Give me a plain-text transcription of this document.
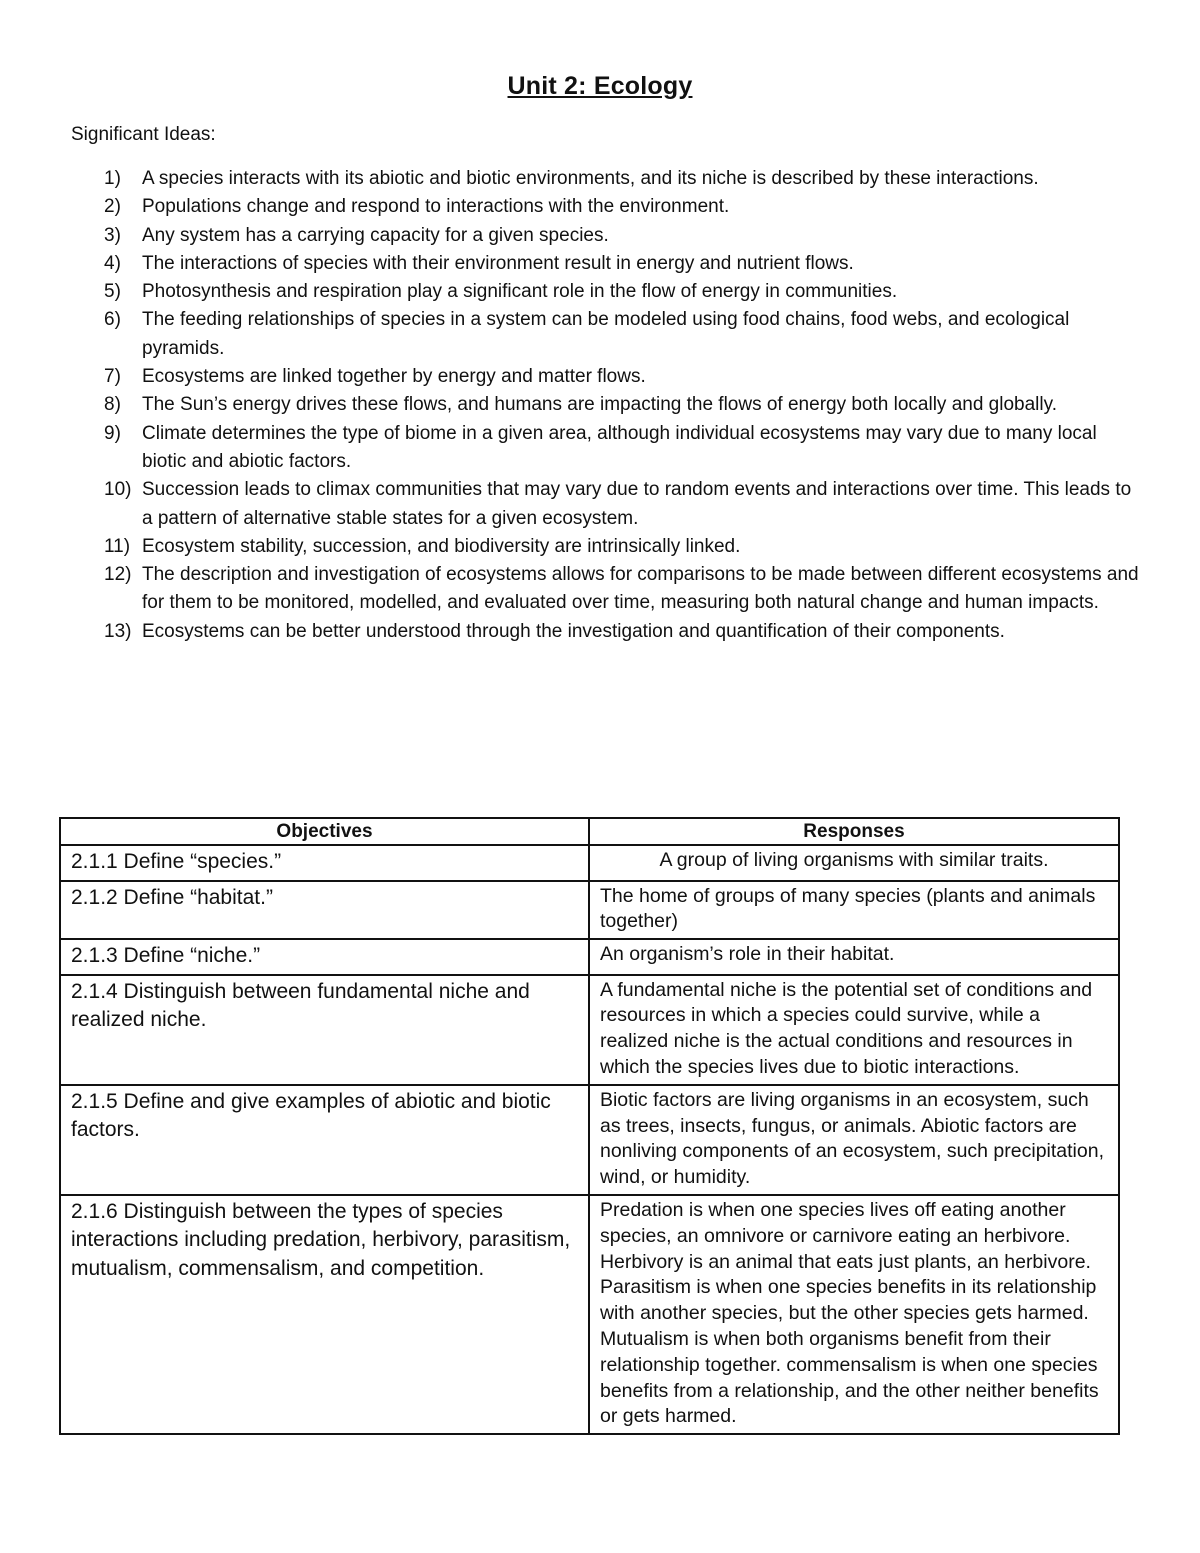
Unit 2: Ecology
Significant Ideas:
1)	A species interacts with its abiotic and biotic environments, and its niche is described by these interactions.
2)	Populations change and respond to interactions with the environment.
3)	Any system has a carrying capacity for a given species.
4)	The interactions of species with their environment result in energy and nutrient flows.
5)	Photosynthesis and respiration play a significant role in the flow of energy in communities.
6)	The feeding relationships of species in a system can be modeled using food chains, food webs, and ecological pyramids.
7)	Ecosystems are linked together by energy and matter flows.
8)	The Sun’s energy drives these flows, and humans are impacting the flows of energy both locally and globally.
9)	Climate determines the type of biome in a given area, although individual ecosystems may vary due to many local biotic and abiotic factors.
10) Succession leads to climax communities that may vary due to random events and interactions over time. This leads to a pattern of alternative stable states for a given ecosystem.
11) Ecosystem stability, succession, and biodiversity are intrinsically linked.
12) The description and investigation of ecosystems allows for comparisons to be made between different ecosystems and for them to be monitored, modelled, and evaluated over time, measuring both natural change and human impacts.
13) Ecosystems can be better understood through the investigation and quantification of their components.
Objectives	Responses
2.1.1 Define “species.”	A group of living organisms with similar traits.
2.1.2 Define “habitat.”	The home of groups of many species (plants and animals together)
2.1.3 Define “niche.”	An organism’s role in their habitat.
2.1.4 Distinguish between fundamental niche and realized niche.	A fundamental niche is the potential set of conditions and resources in which a species could survive, while a realized niche is the actual conditions and resources in which the species lives due to biotic interactions.
2.1.5 Define and give examples of abiotic and biotic factors.	Biotic factors are living organisms in an ecosystem, such as trees, insects, fungus, or animals. Abiotic factors are nonliving components of an ecosystem, such precipitation, wind, or humidity.
2.1.6 Distinguish between the types of species interactions including predation, herbivory, parasitism, mutualism, commensalism, and competition.	Predation is when one species lives off eating another species, an omnivore or carnivore eating an herbivore. Herbivory is an animal that eats just plants, an herbivore. Parasitism is when one species benefits in its relationship with another species, but the other species gets harmed. Mutualism is when both organisms benefit from their relationship together. commensalism is when one species benefits from a relationship, and the other neither benefits or gets harmed.
